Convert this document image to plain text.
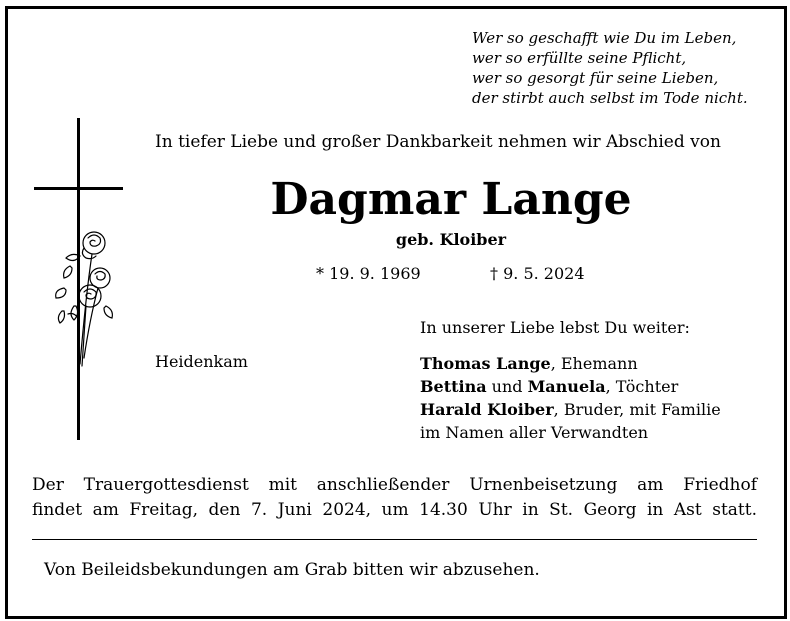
Wer so geschafft wie Du im Leben,
wer so erfüllte seine Pflicht,
wer so gesorgt für seine Lieben,
der stirbt auch selbst im Tode nicht.
In tiefer Liebe und großer Dankbarkeit nehmen wir Abschied von
Dagmar Lange
geb. Kloiber
* 19. 9. 1969	† 9. 5. 2024
In unserer Liebe lebst Du weiter:
Heidenkam	Thomas Lange, Ehemann
Bettina und Manuela, Töchter
Harald Kloiber, Bruder, mit Familie
im Namen aller Verwandten
Der Trauergottesdienst mit anschließender Urnenbeisetzung am Friedhof
findet am Freitag, den 7. Juni 2024, um 14.30 Uhr in St. Georg in Ast statt.
Von Beileidsbekundungen am Grab bitten wir abzusehen.
